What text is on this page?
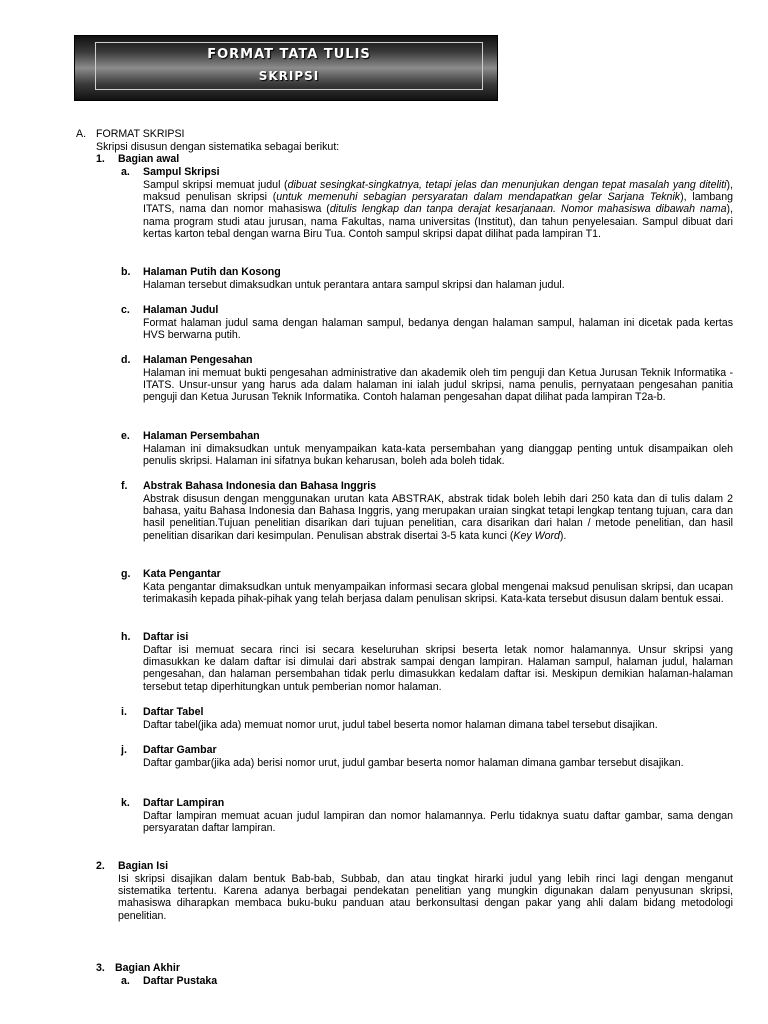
FORMAT TATA TULIS
SKRIPSI
A. FORMAT SKRIPSI
Skripsi disusun dengan sistematika sebagai berikut:
1. Bagian awal
a. Sampul Skripsi
Sampul skripsi memuat judul (dibuat sesingkat-singkatnya, tetapi jelas dan menunjukan dengan tepat masalah yang diteliti), maksud penulisan skripsi (untuk memenuhi sebagian persyaratan dalam mendapatkan gelar Sarjana Teknik), lambang ITATS, nama dan nomor mahasiswa (ditulis lengkap dan tanpa derajat kesarjanaan. Nomor mahasiswa dibawah nama), nama program studi atau jurusan, nama Fakultas, nama universitas (Institut), dan tahun penyelesaian. Sampul dibuat dari kertas karton tebal dengan warna Biru Tua. Contoh sampul skripsi dapat dilihat pada lampiran T1.
b. Halaman Putih dan Kosong
Halaman tersebut dimaksudkan untuk perantara antara sampul skripsi dan halaman judul.
c. Halaman Judul
Format halaman judul sama dengan halaman sampul, bedanya dengan halaman sampul, halaman ini dicetak pada kertas HVS berwarna putih.
d. Halaman Pengesahan
Halaman ini memuat bukti pengesahan administrative dan akademik oleh tim penguji dan Ketua Jurusan Teknik Informatika - ITATS. Unsur-unsur yang harus ada dalam halaman ini ialah judul skripsi, nama penulis, pernyataan pengesahan panitia penguji dan Ketua Jurusan Teknik Informatika. Contoh halaman pengesahan dapat dilihat pada lampiran T2a-b.
e. Halaman Persembahan
Halaman ini dimaksudkan untuk menyampaikan kata-kata persembahan yang dianggap penting untuk disampaikan oleh penulis skripsi. Halaman ini sifatnya bukan keharusan, boleh ada boleh tidak.
f. Abstrak Bahasa Indonesia dan Bahasa Inggris
Abstrak disusun dengan menggunakan urutan kata ABSTRAK, abstrak tidak boleh lebih dari 250 kata dan di tulis dalam 2 bahasa, yaitu Bahasa Indonesia dan Bahasa Inggris, yang merupakan uraian singkat tetapi lengkap tentang tujuan, cara dan hasil penelitian.Tujuan penelitian disarikan dari tujuan penelitian, cara disarikan dari halan / metode penelitian, dan hasil penelitian disarikan dari kesimpulan. Penulisan abstrak disertai 3-5 kata kunci (Key Word).
g. Kata Pengantar
Kata pengantar dimaksudkan untuk menyampaikan informasi secara global mengenai maksud penulisan skripsi, dan ucapan terimakasih kepada pihak-pihak yang telah berjasa dalam penulisan skripsi. Kata-kata tersebut disusun dalam bentuk essai.
h. Daftar isi
Daftar isi memuat secara rinci isi secara keseluruhan skripsi beserta letak nomor halamannya. Unsur skripsi yang dimasukkan ke dalam daftar isi dimulai dari abstrak sampai dengan lampiran. Halaman sampul, halaman judul, halaman pengesahan, dan halaman persembahan tidak perlu dimasukkan kedalam daftar isi. Meskipun demikian halaman-halaman tersebut tetap diperhitungkan untuk pemberian nomor halaman.
i. Daftar Tabel
Daftar tabel(jika ada) memuat nomor urut, judul tabel beserta nomor halaman dimana tabel tersebut disajikan.
j. Daftar Gambar
Daftar gambar(jika ada) berisi nomor urut, judul gambar beserta nomor halaman dimana gambar tersebut disajikan.
k. Daftar Lampiran
Daftar lampiran memuat acuan judul lampiran dan nomor halamannya. Perlu tidaknya suatu daftar gambar, sama dengan persyaratan daftar lampiran.
2. Bagian Isi
Isi skripsi disajikan dalam bentuk Bab-bab, Subbab, dan atau tingkat hirarki judul yang lebih rinci lagi dengan menganut sistematika tertentu. Karena adanya berbagai pendekatan penelitian yang mungkin digunakan dalam penyusunan skripsi, mahasiswa diharapkan membaca buku-buku panduan atau berkonsultasi dengan pakar yang ahli dalam bidang metodologi penelitian.
3. Bagian Akhir
a. Daftar Pustaka
